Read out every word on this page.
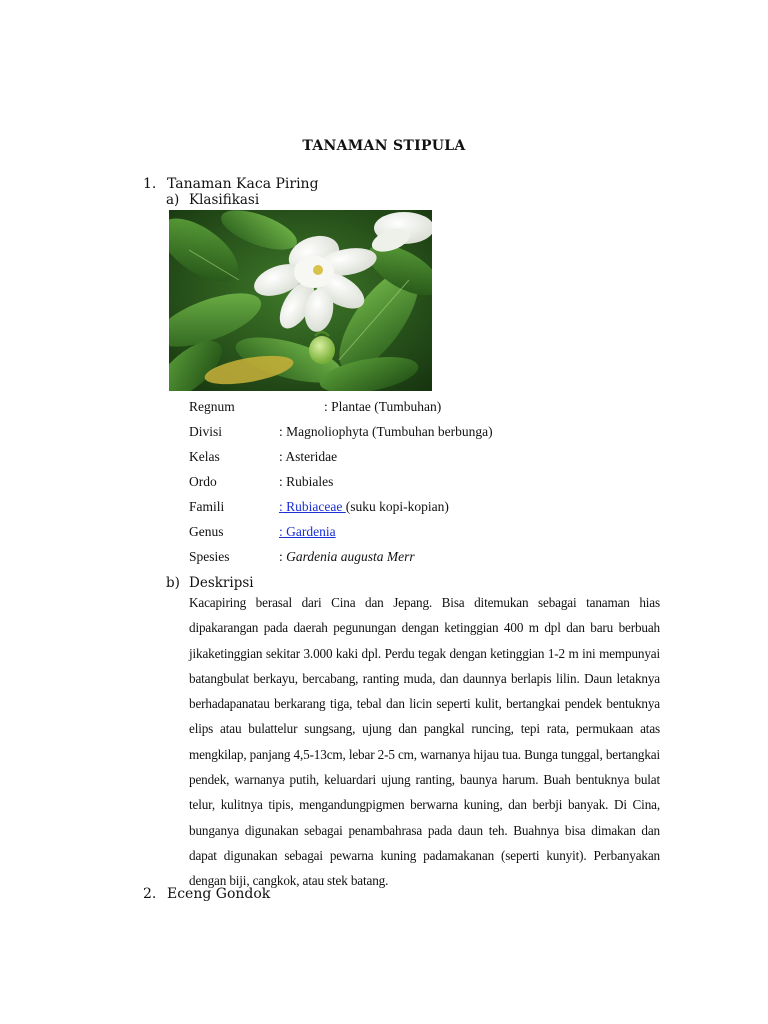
TANAMAN STIPULA
1. Tanaman Kaca Piring
a) Klasifikasi
Regnum	: Plantae (Tumbuhan)
Divisi	: Magnoliophyta (Tumbuhan berbunga)
Kelas	: Asteridae
Ordo	: Rubiales
Famili	: Rubiaceae (suku kopi-kopian)
Genus	: Gardenia
Spesies	: Gardenia augusta Merr
b) Deskripsi
Kacapiring berasal dari Cina dan Jepang. Bisa ditemukan sebagai tanaman hias dipakarangan pada daerah pegunungan dengan ketinggian 400 m dpl dan baru berbuah jikaketinggian sekitar 3.000 kaki dpl. Perdu tegak dengan ketinggian 1-2 m ini mempunyai batangbulat berkayu, bercabang, ranting muda, dan daunnya berlapis lilin. Daun letaknya berhadapanatau berkarang tiga, tebal dan licin seperti kulit, bertangkai pendek bentuknya elips atau bulattelur sungsang, ujung dan pangkal runcing, tepi rata, permukaan atas mengkilap, panjang 4,5-13cm, lebar 2-5 cm, warnanya hijau tua. Bunga tunggal, bertangkai pendek, warnanya putih, keluardari ujung ranting, baunya harum. Buah bentuknya bulat telur, kulitnya tipis, mengandungpigmen berwarna kuning, dan berbji banyak. Di Cina, bunganya digunakan sebagai penambahrasa pada daun teh. Buahnya bisa dimakan dan dapat digunakan sebagai pewarna kuning padamakanan (seperti kunyit). Perbanyakan dengan biji, cangkok, atau stek batang.
2. Eceng Gondok
